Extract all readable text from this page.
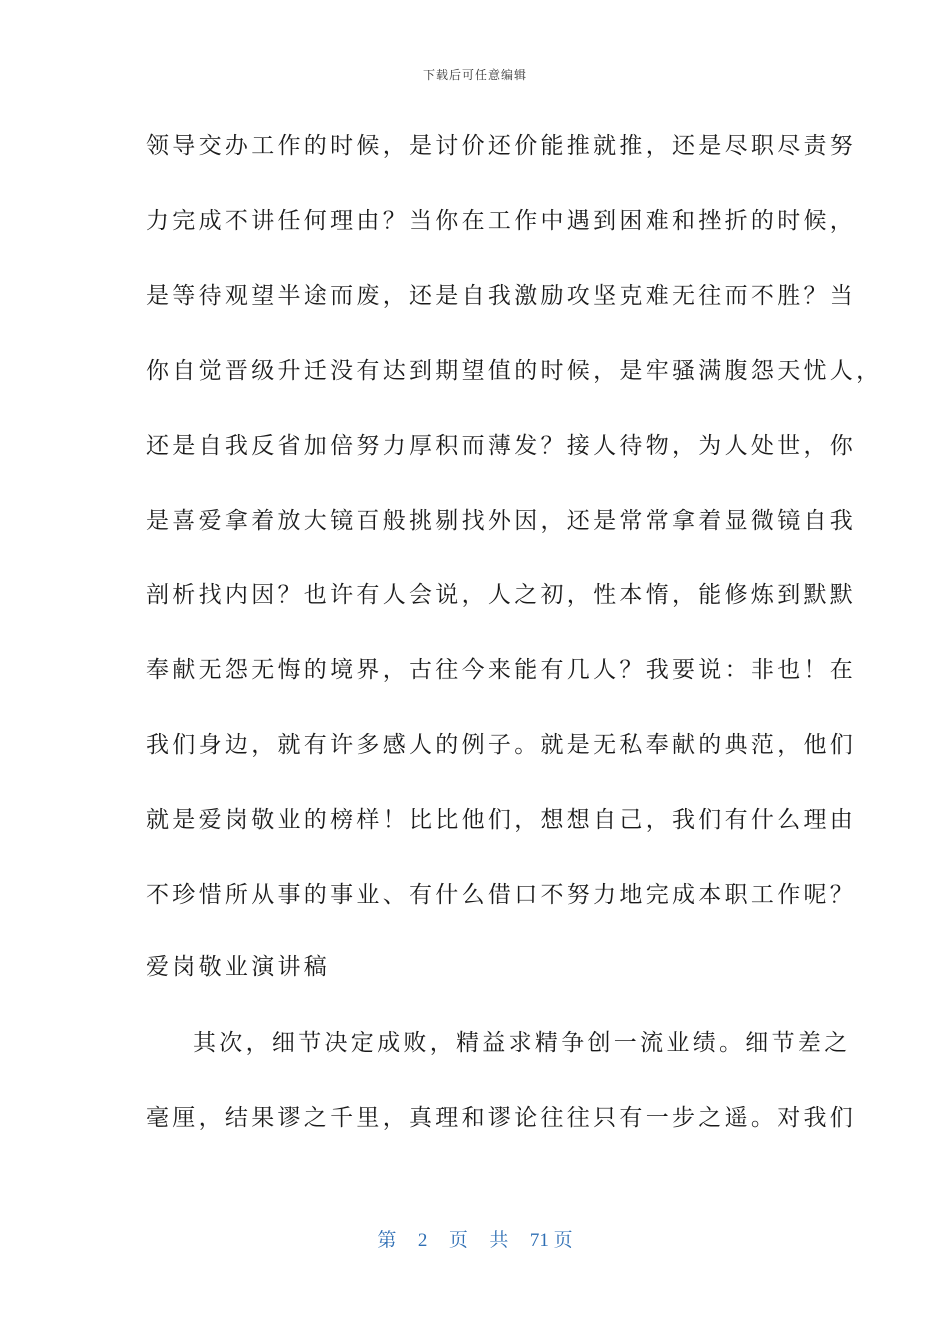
下载后可任意编辑
领导交办工作的时候，是讨价还价能推就推，还是尽职尽责努
力完成不讲任何理由？当你在工作中遇到困难和挫折的时候，
是等待观望半途而废，还是自我激励攻坚克难无往而不胜？当
你自觉晋级升迁没有达到期望值的时候，是牢骚满腹怨天忧人，
还是自我反省加倍努力厚积而薄发？接人待物，为人处世，你
是喜爱拿着放大镜百般挑剔找外因，还是常常拿着显微镜自我
剖析找内因？也许有人会说，人之初，性本惰，能修炼到默默
奉献无怨无悔的境界，古往今来能有几人？我要说：非也！在
我们身边，就有许多感人的例子。就是无私奉献的典范，他们
就是爱岗敬业的榜样！比比他们，想想自己，我们有什么理由
不珍惜所从事的事业、有什么借口不努力地完成本职工作呢？
爱岗敬业演讲稿
其次，细节决定成败，精益求精争创一流业绩。细节差之
毫厘，结果谬之千里，真理和谬论往往只有一步之遥。对我们
第 2 页 共 71 页
